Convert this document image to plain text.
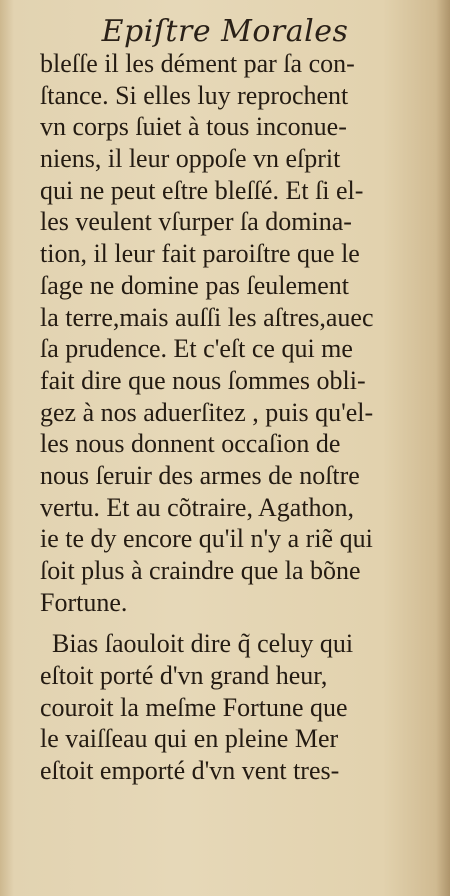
Epiſtre Morales
bleſſe il les dément par ſa con-
ſtance. Si elles luy reprochent
vn corps ſuiet à tous inconue-
niens, il leur oppoſe vn eſprit
qui ne peut eſtre bleſſé. Et ſi el-
les veulent vſurper ſa domina-
tion, il leur fait paroiſtre que le
ſage ne domine pas ſeulement
la terre,mais auſſi les aſtres,auec
ſa prudence. Et c'eſt ce qui me
fait dire que nous ſommes obli-
gez à nos aduerſitez , puis qu'el-
les nous donnent occaſion de
nous ſeruir des armes de noſtre
vertu. Et au cõtraire, Agathon,
ie te dy encore qu'il n'y a riẽ qui
ſoit plus à craindre que la bõne
Fortune.
Bias ſaouloit dire q̃ celuy qui
eſtoit porté d'vn grand heur,
couroit la meſme Fortune que
le vaiſſeau qui en pleine Mer
eſtoit emporté d'vn vent tres-
